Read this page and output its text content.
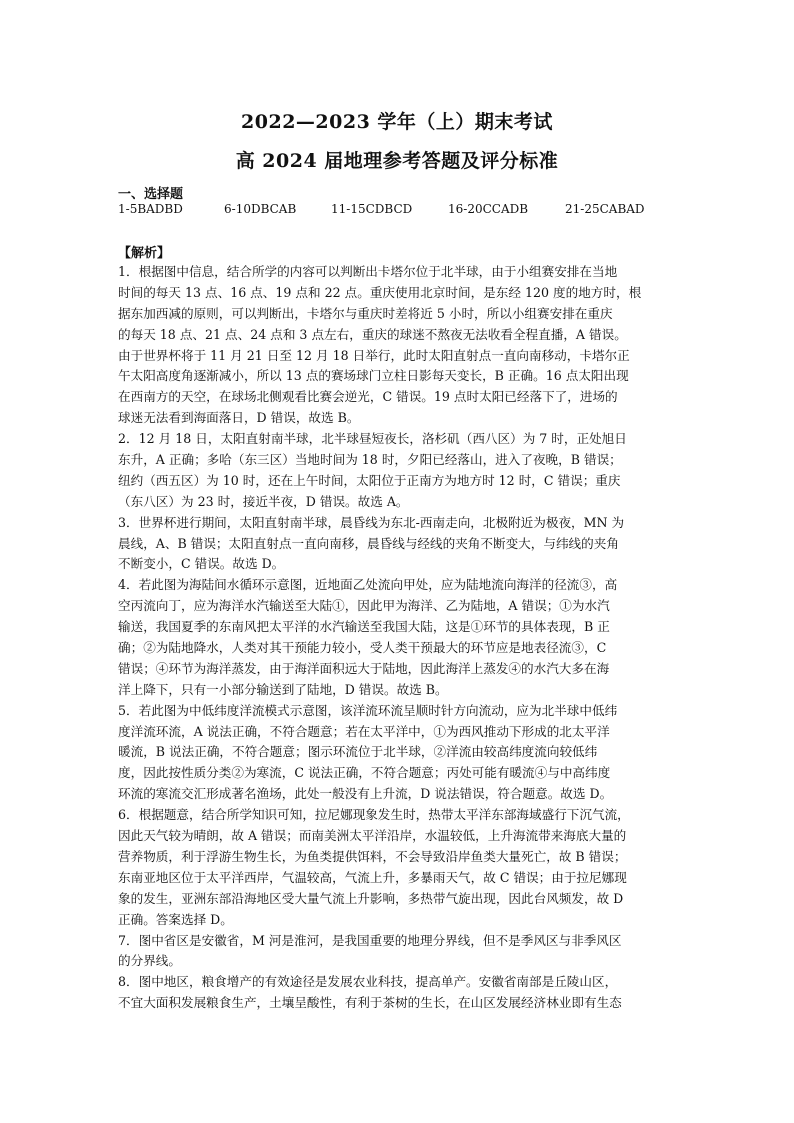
2022—2023 学年（上）期末考试
高 2024 届地理参考答题及评分标准
一、选择题
1-5BADBD	6-10DBCAB	11-15CDBCD	16-20CCADB	21-25CABAD
【解析】
1．根据图中信息，结合所学的内容可以判断出卡塔尔位于北半球，由于小组赛安排在当地
时间的每天 13 点、16 点、19 点和 22 点。重庆使用北京时间，是东经 120 度的地方时，根
据东加西减的原则，可以判断出，卡塔尔与重庆时差将近 5 小时，所以小组赛安排在重庆
的每天 18 点、21 点、24 点和 3 点左右，重庆的球迷不熬夜无法收看全程直播，A 错误。
由于世界杯将于 11 月 21 日至 12 月 18 日举行，此时太阳直射点一直向南移动，卡塔尔正
午太阳高度角逐渐减小，所以 13 点的赛场球门立柱日影每天变长，B 正确。16 点太阳出现
在西南方的天空，在球场北侧观看比赛会逆光，C 错误。19 点时太阳已经落下了，进场的
球迷无法看到海面落日，D 错误，故选 B。
2．12 月 18 日，太阳直射南半球，北半球昼短夜长，洛杉矶（西八区）为 7 时，正处旭日
东升，A 正确；多哈（东三区）当地时间为 18 时，夕阳已经落山，进入了夜晚，B 错误；
纽约（西五区）为 10 时，还在上午时间，太阳位于正南方为地方时 12 时，C 错误；重庆
（东八区）为 23 时，接近半夜，D 错误。故选 A。
3．世界杯进行期间，太阳直射南半球，晨昏线为东北-西南走向，北极附近为极夜，MN 为
晨线，A、B 错误；太阳直射点一直向南移，晨昏线与经线的夹角不断变大，与纬线的夹角
不断变小，C 错误。故选 D。
4．若此图为海陆间水循环示意图，近地面乙处流向甲处，应为陆地流向海洋的径流③，高
空丙流向丁，应为海洋水汽输送至大陆①，因此甲为海洋、乙为陆地，A 错误；①为水汽
输送，我国夏季的东南风把太平洋的水汽输送至我国大陆，这是①环节的具体表现，B 正
确；②为陆地降水，人类对其干预能力较小，受人类干预最大的环节应是地表径流③，C
错误；④环节为海洋蒸发，由于海洋面积远大于陆地，因此海洋上蒸发④的水汽大多在海
洋上降下，只有一小部分输送到了陆地，D 错误。故选 B。
5．若此图为中低纬度洋流模式示意图，该洋流环流呈顺时针方向流动，应为北半球中低纬
度洋流环流，A 说法正确，不符合题意；若在太平洋中，①为西风推动下形成的北太平洋
暖流，B 说法正确，不符合题意；图示环流位于北半球，②洋流由较高纬度流向较低纬
度，因此按性质分类②为寒流，C 说法正确，不符合题意；丙处可能有暖流④与中高纬度
环流的寒流交汇形成著名渔场，此处一般没有上升流，D 说法错误，符合题意。故选 D。
6．根据题意，结合所学知识可知，拉尼娜现象发生时，热带太平洋东部海域盛行下沉气流，
因此天气较为晴朗，故 A 错误；而南美洲太平洋沿岸，水温较低，上升海流带来海底大量的
营养物质，利于浮游生物生长，为鱼类提供饵料，不会导致沿岸鱼类大量死亡，故 B 错误；
东南亚地区位于太平洋西岸，气温较高，气流上升，多暴雨天气，故 C 错误；由于拉尼娜现
象的发生，亚洲东部沿海地区受大量气流上升影响，多热带气旋出现，因此台风频发，故 D
正确。答案选择 D。
7．图中省区是安徽省，M 河是淮河，是我国重要的地理分界线，但不是季风区与非季风区
的分界线。
8．图中地区，粮食增产的有效途径是发展农业科技，提高单产。安徽省南部是丘陵山区，
不宜大面积发展粮食生产，土壤呈酸性，有利于茶树的生长，在山区发展经济林业即有生态
